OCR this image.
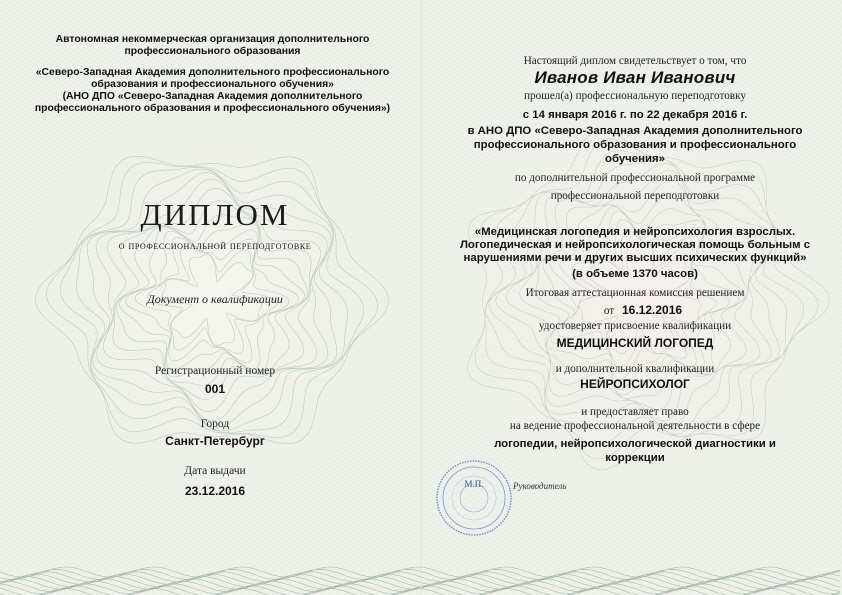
Автономная некоммерческая организация дополнительного
профессионального образования
«Северо-Западная Академия дополнительного профессионального
образования и профессионального обучения»
(АНО ДПО «Северо-Западная Академия дополнительного
профессионального образования и профессионального обучения»)
ДИПЛОМ
о профессиональной переподготовке
Документ о квалификации
Регистрационный номер
001
Город
Санкт-Петербург
Дата выдачи
23.12.2016
Настоящий диплом свидетельствует о том, что
Иванов Иван Иванович
прошел(а) профессиональную переподготовку
с 14 января 2016 г. по 22 декабря 2016 г.
в АНО ДПО «Северо-Западная Академия дополнительного
профессионального образования и профессионального
обучения»
по дополнительной профессиональной программе
профессиональной переподготовки
«Медицинская логопедия и нейропсихология взрослых.
Логопедическая и нейропсихологическая помощь больным с
нарушениями речи и других высших психических функций»
(в объеме 1370 часов)
Итоговая аттестационная комиссия решением
от 16.12.2016
удостоверяет присвоение квалификации
МЕДИЦИНСКИЙ ЛОГОПЕД
и дополнительной квалификации
НЕЙРОПСИХОЛОГ
и предоставляет право
на ведение профессиональной деятельности в сфере
логопедии, нейропсихологической диагностики и
коррекции
М.П.	Руководитель
